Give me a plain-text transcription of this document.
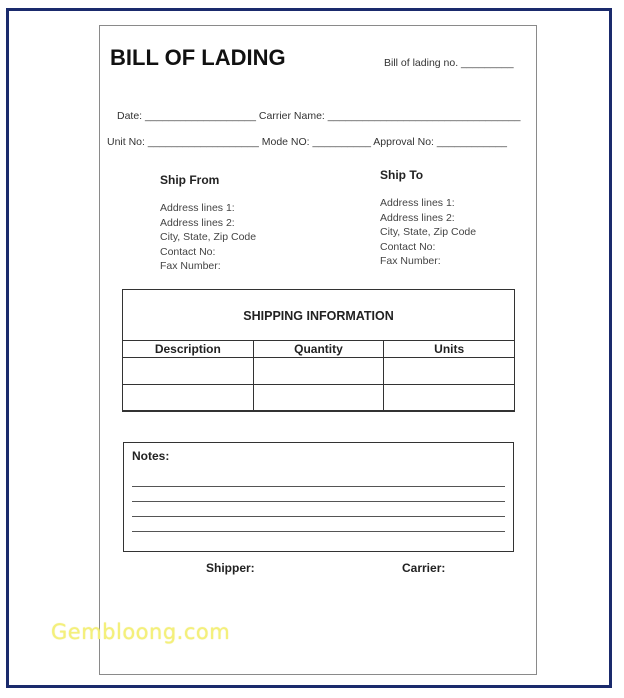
BILL OF LADING	Bill of lading no. _________
Date: ___________________ Carrier Name: _________________________________
Unit No: ___________________ Mode NO: __________ Approval No: ____________
Ship From
Address lines 1:
Address lines 2:
City, State, Zip Code
Contact No:
Fax Number:
Ship To
Address lines 1:
Address lines 2:
City, State, Zip Code
Contact No:
Fax Number:
SHIPPING INFORMATION
Description	Quantity	Units

Notes:
Shipper:	Carrier:
Gembloong.com
